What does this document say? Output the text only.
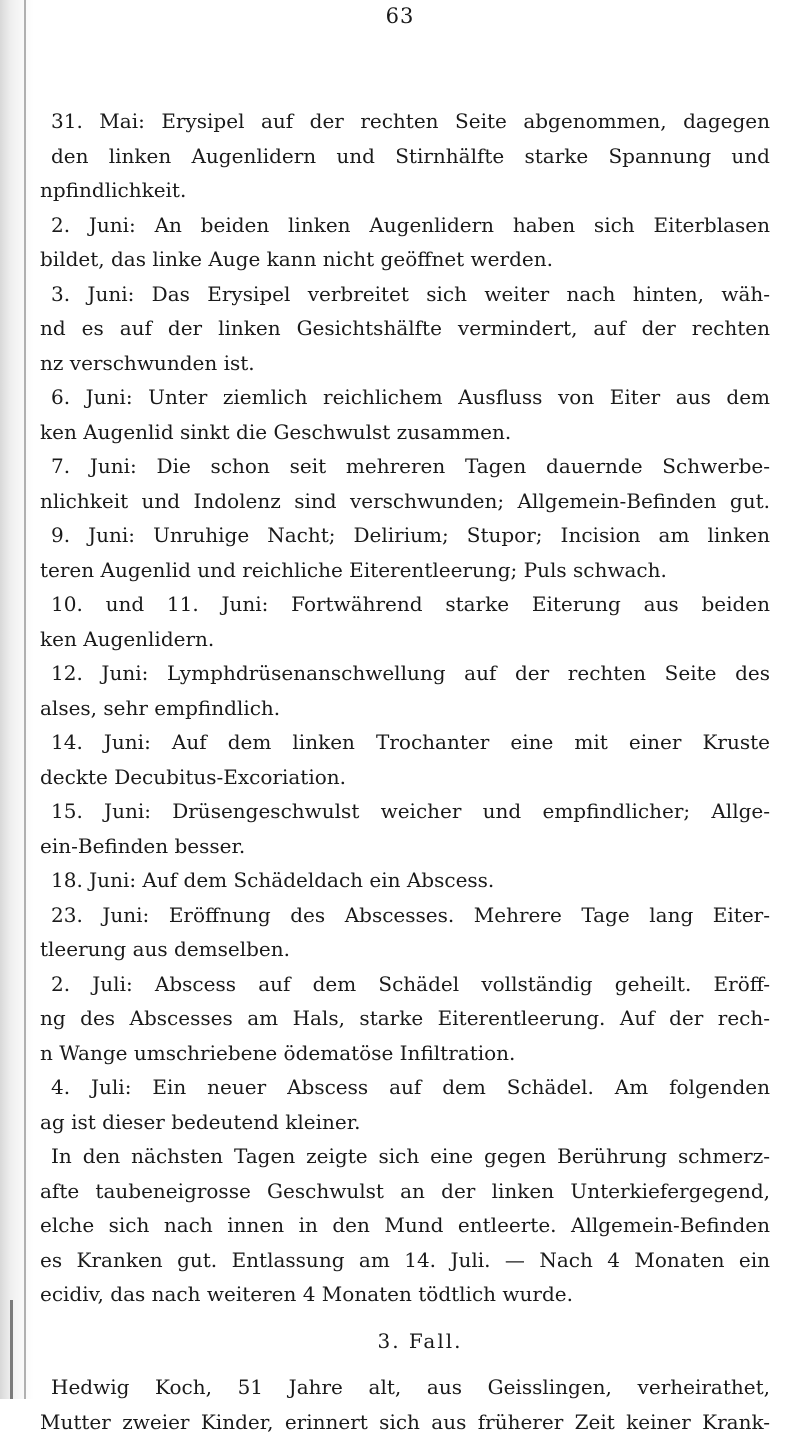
63
31. Mai: Erysipel auf der rechten Seite abgenommen, dagegen
den linken Augenlidern und Stirnhälfte starke Spannung und
npfindlichkeit.
2. Juni: An beiden linken Augenlidern haben sich Eiterblasen
bildet, das linke Auge kann nicht geöffnet werden.
3. Juni: Das Erysipel verbreitet sich weiter nach hinten, wäh-
nd es auf der linken Gesichtshälfte vermindert, auf der rechten
nz verschwunden ist.
6. Juni: Unter ziemlich reichlichem Ausfluss von Eiter aus dem
ken Augenlid sinkt die Geschwulst zusammen.
7. Juni: Die schon seit mehreren Tagen dauernde Schwerbe-
nlichkeit und Indolenz sind verschwunden; Allgemein-Befinden gut.
9. Juni: Unruhige Nacht; Delirium; Stupor; Incision am linken
teren Augenlid und reichliche Eiterentleerung; Puls schwach.
10. und 11. Juni: Fortwährend starke Eiterung aus beiden
ken Augenlidern.
12. Juni: Lymphdrüsenanschwellung auf der rechten Seite des
alses, sehr empfindlich.
14. Juni: Auf dem linken Trochanter eine mit einer Kruste
deckte Decubitus-Excoriation.
15. Juni: Drüsengeschwulst weicher und empfindlicher; Allge-
ein-Befinden besser.
18. Juni: Auf dem Schädeldach ein Abscess.
23. Juni: Eröffnung des Abscesses. Mehrere Tage lang Eiter-
tleerung aus demselben.
2. Juli: Abscess auf dem Schädel vollständig geheilt. Eröff-
ng des Abscesses am Hals, starke Eiterentleerung. Auf der rech-
n Wange umschriebene ödematöse Infiltration.
4. Juli: Ein neuer Abscess auf dem Schädel. Am folgenden
ag ist dieser bedeutend kleiner.
In den nächsten Tagen zeigte sich eine gegen Berührung schmerz-
afte taubeneigrosse Geschwulst an der linken Unterkiefergegend,
elche sich nach innen in den Mund entleerte. Allgemein-Befinden
es Kranken gut. Entlassung am 14. Juli. — Nach 4 Monaten ein
ecidiv, das nach weiteren 4 Monaten tödtlich wurde.
3. Fall.
Hedwig Koch, 51 Jahre alt, aus Geisslingen, verheirathet,
Mutter zweier Kinder, erinnert sich aus früherer Zeit keiner Krank-
